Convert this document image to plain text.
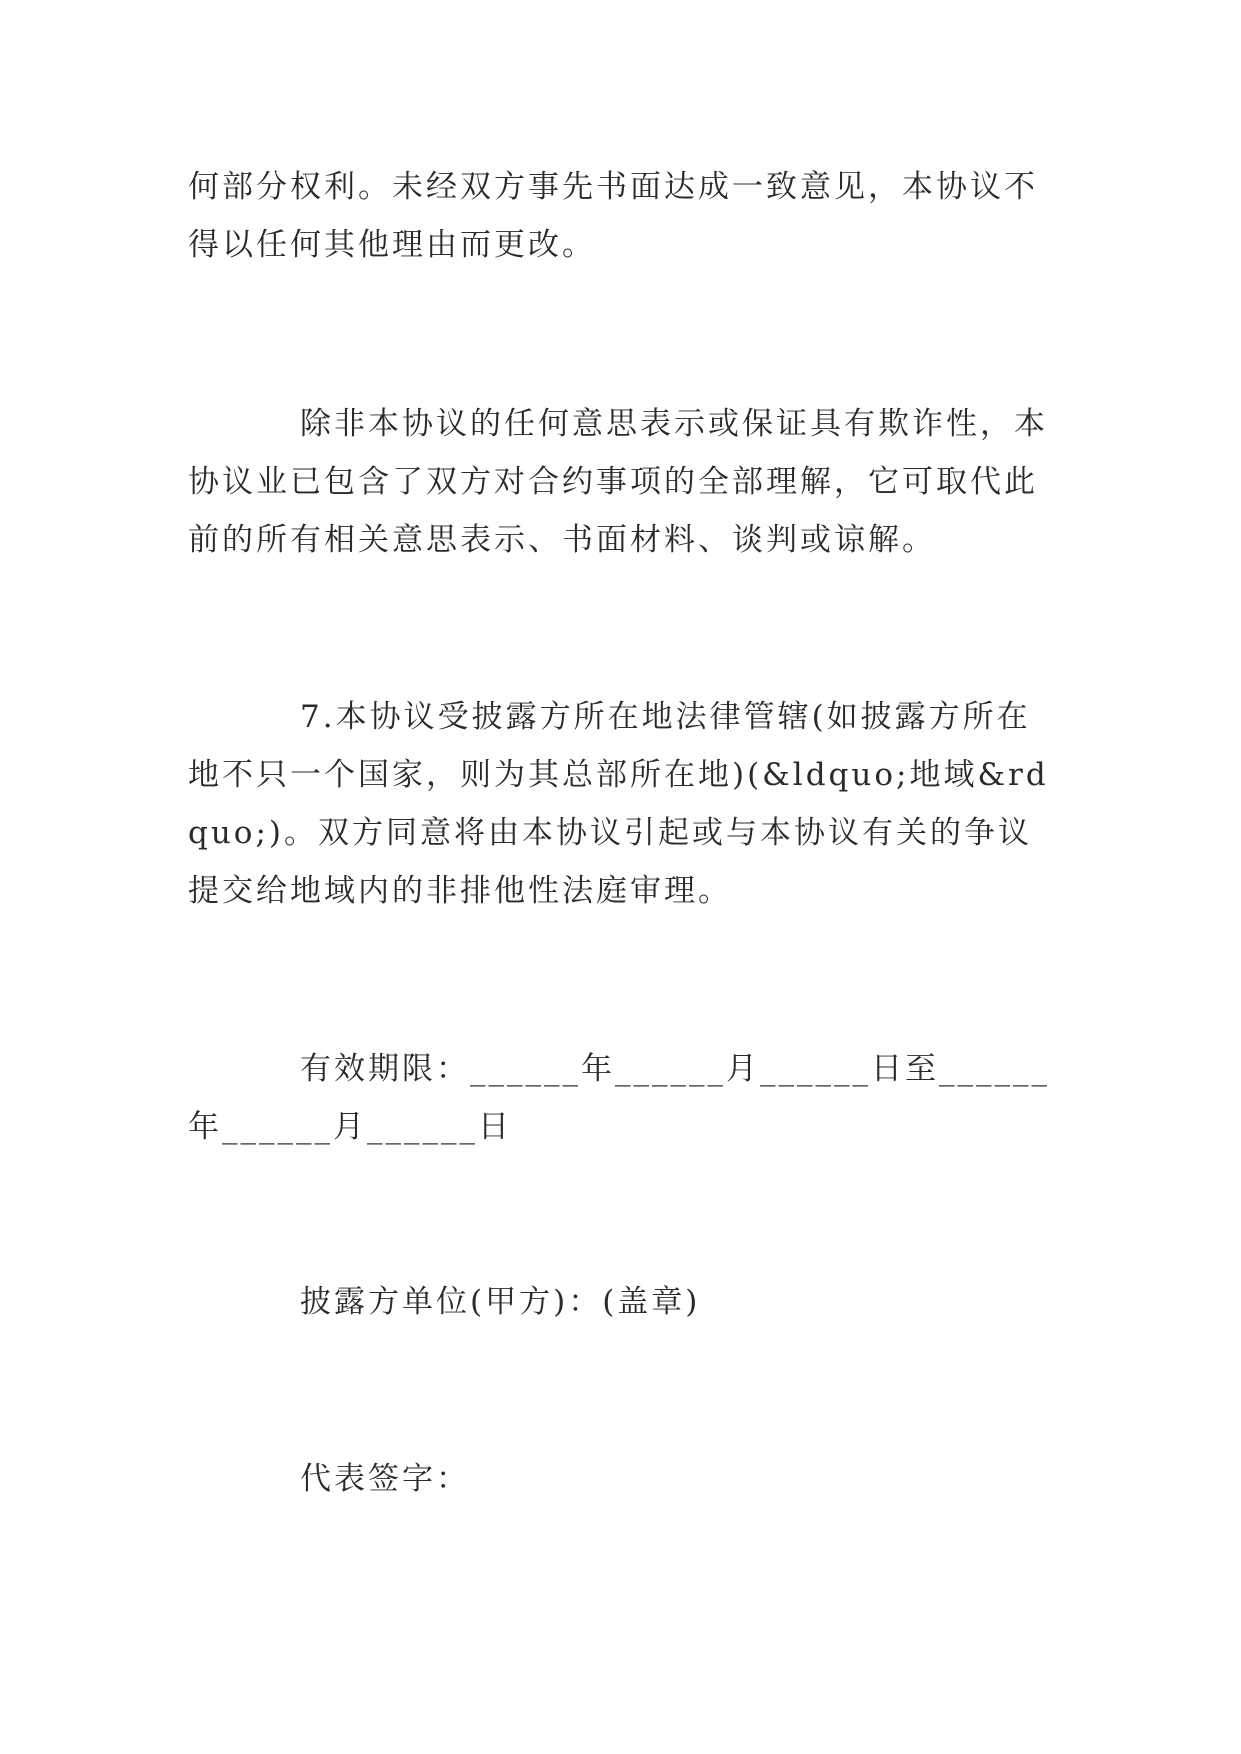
何部分权利。未经双方事先书面达成一致意见，本协议不得以任何其他理由而更改。

除非本协议的任何意思表示或保证具有欺诈性，本协议业已包含了双方对合约事项的全部理解，它可取代此前的所有相关意思表示、书面材料、谈判或谅解。

7.本协议受披露方所在地法律管辖(如披露方所在地不只一个国家，则为其总部所在地)(&ldquo;地域&rdquo;)。双方同意将由本协议引起或与本协议有关的争议提交给地域内的非排他性法庭审理。

有效期限：______年______月______日至______年______月______日

披露方单位(甲方)：(盖章)

代表签字：
